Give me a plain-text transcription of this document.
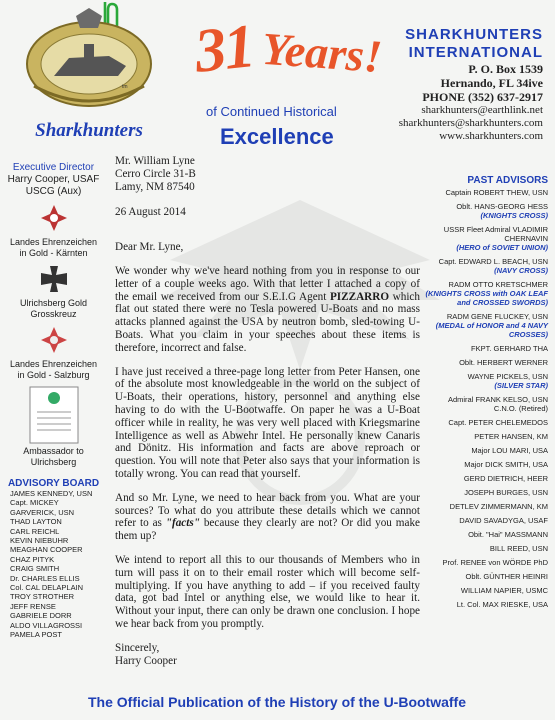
tm
Sharkhunters
31 Years!
of Continued Historical
Excellence
SHARKHUNTERS
INTERNATIONAL
P. O. Box 1539
Hernando, FL 34ive
PHONE (352) 637-2917
sharkhunters@earthlink.net
sharkhunters@sharkhunters.com
www.sharkhunters.com
Executive Director
Harry Cooper, USAF
USCG (Aux)
Landes Ehrenzeichen in Gold - Kärnten
Ulrichsberg Gold Grosskreuz
Landes Ehrenzeichen in Gold - Salzburg
Ambassador to Ulrichsberg
ADVISORY BOARD
JAMES KENNEDY, USN
Capt. MICKEY GARVERICK, USN
THAD LAYTON
CARL REICHL
KEVIN NIEBUHR
MEAGHAN COOPER
CHAZ PITYK
CRAIG SMITH
Dr. CHARLES ELLIS
Col. CAL DELAPLAIN
TROY STROTHER
JEFF RENSE
GABRIELE DORR
ALDO VILLAGROSSI
PAMELA POST
PAST ADVISORS
Captain ROBERT THEW, USN
Oblt. HANS-GEORG HESS
(KNIGHTS CROSS)
USSR Fleet Admiral VLADIMIR CHERNAVIN
(HERO of SOVIET UNION)
Capt. EDWARD L. BEACH, USN
(NAVY CROSS)
RADM OTTO KRETSCHMER
(KNIGHTS CROSS with OAK LEAF and CROSSED SWORDS)
RADM GENE FLUCKEY, USN
(MEDAL of HONOR and 4 NAVY CROSSES)
FKPT. GERHARD THA
Oblt. HERBERT WERNER
WAYNE PICKELS, USN
(SILVER STAR)
Admiral FRANK KELSO, USN C.N.O. (Retired)
Capt. PETER CHELEMEDOS
PETER HANSEN, KM
Major LOU MARI, USA
Major DICK SMITH, USA
GERD DIETRICH, HEER
JOSEPH BURGES, USN
DETLEV ZIMMERMANN, KM
DAVID SAVADYGA, USAF
Obit. "Hai" MASSMANN
BILL REED, USN
Prof. RENEE von WÖRDE PhD
Oblt. GÜNTHER HEINRI
WILLIAM NAPIER, USMC
Lt. Col. MAX RIESKE, USA
Mr. William Lyne
Cerro Circle 31-B
Lamy, NM 87540
26 August 2014

Dear Mr. Lyne,

We wonder why we've heard nothing from you in response to our letter of a couple weeks ago. With that letter I attached a copy of the email we received from our S.E.I.G Agent PIZZARRO which flat out stated there were no Tesla powered U-Boats and no mass attacks planned against the USA by neutron bomb, sled-towing U-Boats. What you claim in your speeches about these items is therefore, incorrect and false.

I have just received a three-page long letter from Peter Hansen, one of the absolute most knowledgeable in the world on the subject of U-Boats, their operations, history, personnel and anything else having to do with the U-Bootwaffe. On paper he was a U-Boat officer while in reality, he was very well placed with Kriegsmarine Intelligence as well as Abwehr Intel. He personally knew Canaris and Dönitz. His information and facts are above reproach or question. You will note that Peter also says that your information is totally wrong. You can read that yourself.

And so Mr. Lyne, we need to hear back from you. What are your sources? To what do you attribute these details which we cannot refer to as "facts" because they clearly are not? Or did you make them up?

We intend to report all this to our thousands of Members who in turn will pass it on to their email roster which will become self-multiplying. If you have anything to add – if you received faulty data, got bad Intel or anything else, we would like to hear it. Without your input, there can only be drawn one conclusion. I hope we hear back from you promptly.

Sincerely,
Harry Cooper
The Official Publication of the History of the U-Bootwaffe
